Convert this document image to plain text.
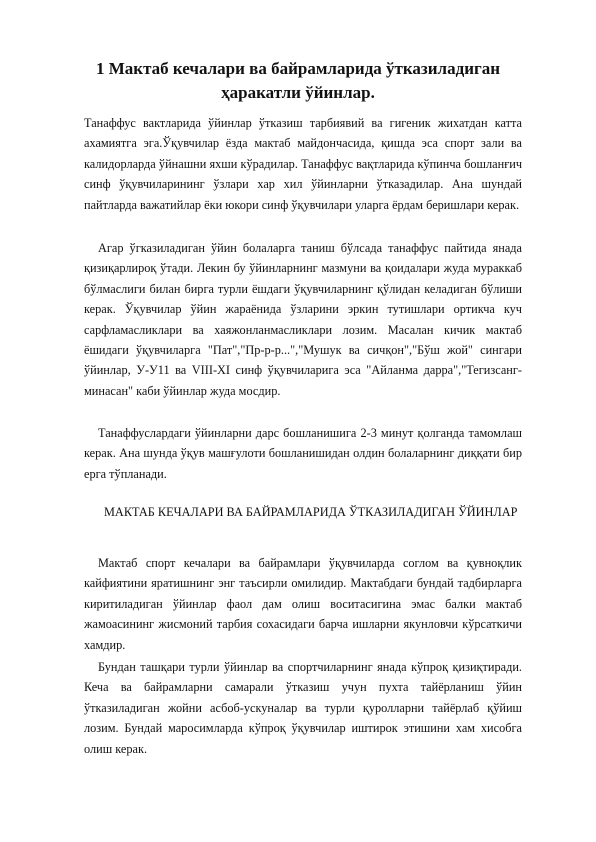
1 Мактаб кечалари ва байрамларида ўтказиладиган ҳаракатли ўйинлар.
Танаффус вактларида ўйинлар ўтказиш тарбиявий ва гигеник жихатдан катта ахамиятга эга.Ўқувчилар ёзда мактаб майдончасида, қишда эса спорт зали ва калидорларда ўйнашни яхши кўрадилар. Танаффус вақтларида кўпинча бошланғич синф ўқувчиларининг ўзлари хар хил ўйинларни ўтказадилар. Ана шундай пайтларда важатийлар ёки юкори синф ўқувчилари уларга ёрдам беришлари керак.
Агар ўгказиладиган ўйин болаларга таниш бўлсада танаффус пайтида янада қизиқарлироқ ўтади. Лекин бу ўйинларнинг мазмуни ва қоидалари жуда мураккаб бўлмаслиги билан бирга турли ёшдаги ўқувчиларнинг қўлидан келадиган бўлиши керак. Ўқувчилар ўйин жараёнида ўзларини эркин тутишлари ортикча куч сарфламасликлари ва хаяжонланмасликлари лозим. Масалан кичик мактаб ёшидаги ўқувчиларга "Пат","Пр-р-р...","Мушук ва сичқон","Бўш жой" сингари ўйинлар, У-У11 ва VIII-XI синф ўқувчиларига эса "Айланма дарра","Тегизсанг-минасан" каби ўйинлар жуда мосдир.
Танаффуслардаги ўйинларни дарс бошланишига 2-3 минут қолганда тамомлаш керак. Ана шунда ўқув машғулоти бошланишидан олдин болаларнинг диққати бир ерга тўпланади.
МАКТАБ КЕЧАЛАРИ ВА БАЙРАМЛАРИДА ЎТКАЗИЛАДИГАН ЎЙИНЛАР
Мактаб спорт кечалари ва байрамлари ўқувчиларда соглом ва қувноқлик кайфиятини яратишнинг энг таъсирли омилидир. Мактабдаги бундай тадбирларга киритиладиган ўйинлар фаол дам олиш воситасигина эмас балки мактаб жамоасининг жисмоний тарбия сохасидаги барча ишларни якунловчи кўрсаткичи хамдир.
Бундан ташқари турли ўйинлар ва спортчиларнинг янада кўпроқ қизиқтиради. Кеча ва байрамларни самарали ўтказиш учун пухта тайёрланиш ўйин ўтказиладиган жойни асбоб-ускуналар ва турли қуролларни тайёрлаб қўйиш лозим. Бундай маросимларда кўпроқ ўқувчилар иштирок этишини хам хисобга олиш керак.
